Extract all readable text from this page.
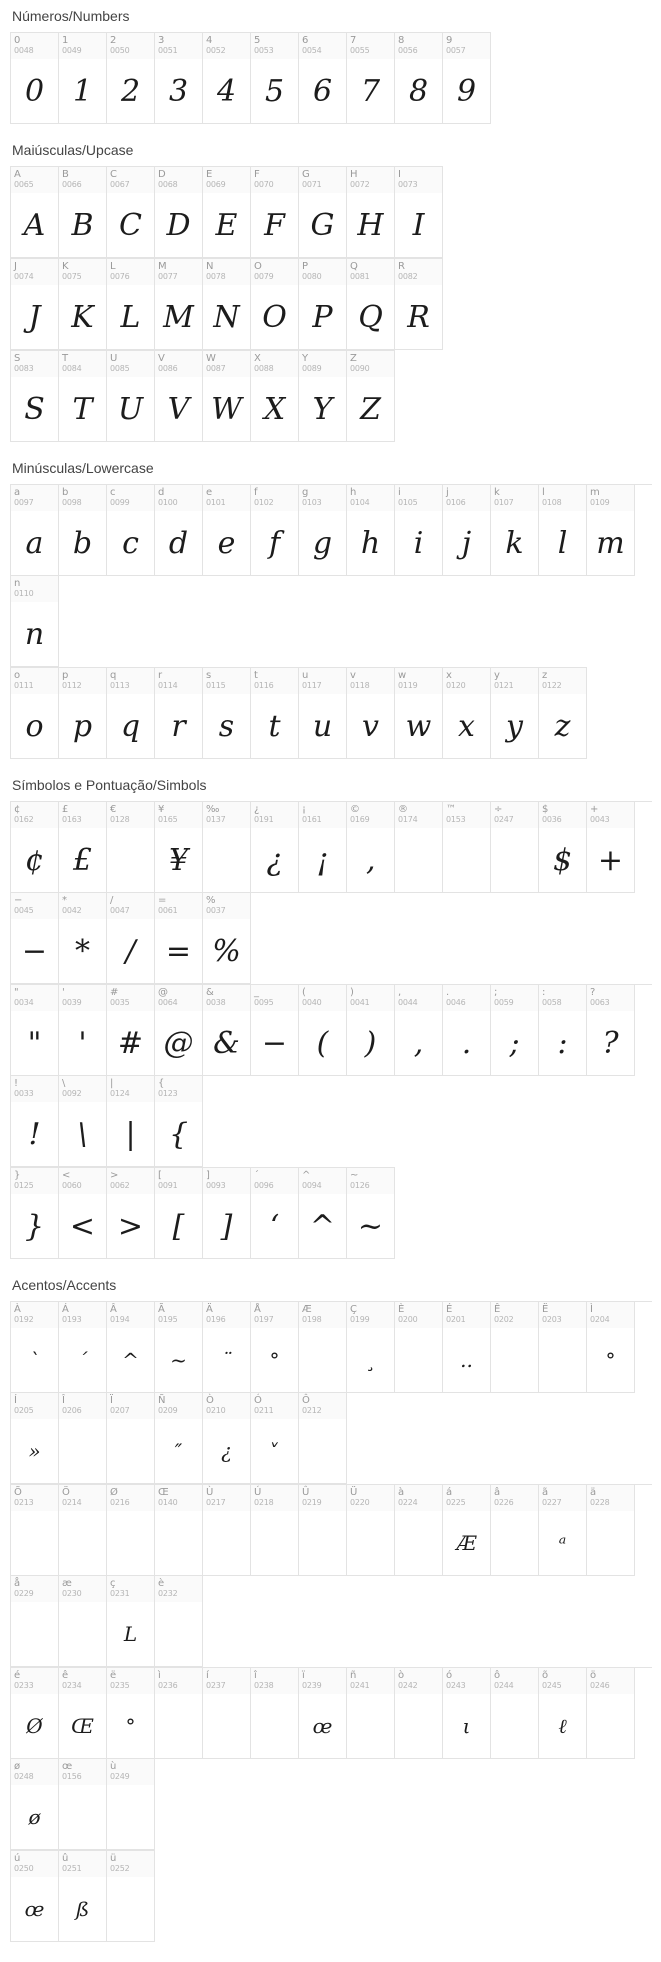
Números/Numbers
0
0048
0
1
0049
1
2
0050
2
3
0051
3
4
0052
4
5
0053
5
6
0054
6
7
0055
7
8
0056
8
9
0057
9
Maiúsculas/Upcase
A
0065
A
B
0066
B
C
0067
C
D
0068
D
E
0069
E
F
0070
F
G
0071
G
H
0072
H
I
0073
I
J
0074
J
K
0075
K
L
0076
L
M
0077
M
N
0078
N
O
0079
O
P
0080
P
Q
0081
Q
R
0082
R
S
0083
S
T
0084
T
U
0085
U
V
0086
V
W
0087
W
X
0088
X
Y
0089
Y
Z
0090
Z
Minúsculas/Lowercase
a
0097
a
b
0098
b
c
0099
c
d
0100
d
e
0101
e
f
0102
f
g
0103
g
h
0104
h
i
0105
i
j
0106
j
k
0107
k
l
0108
l
m
0109
m
n
0110
n
o
0111
o
p
0112
p
q
0113
q
r
0114
r
s
0115
s
t
0116
t
u
0117
u
v
0118
v
w
0119
w
x
0120
x
y
0121
y
z
0122
z
Símbolos e Pontuação/Simbols
¢
0162
¢
£
0163
£
€
0128
¥
0165
¥
‰
0137
¿
0191
¿
¡
0161
¡
©
0169
‚
®
0174
™
0153
÷
0247
$
0036
$
+
0043
+
−
0045
−
*
0042
*
/
0047
/
=
0061
=
%
0037
%
"
0034
"
'
0039
'
#
0035
#
@
0064
@
&
0038
&
_
0095
−
(
0040
(
)
0041
)
,
0044
,
.
0046
.
;
0059
;
:
0058
:
?
0063
?
!
0033
!
\
0092
\
|
0124
|
{
0123
{
}
0125
}
<
0060
<
>
0062
>
[
0091
[
]
0093
]
´
0096
‘
^
0094
^
~
0126
~
Acentos/Accents
À
0192
`
Á
0193
´
Â
0194
^
Ã
0195
~
Ä
0196
¨
Å
0197
°
Æ
0198
Ç
0199
¸
È
0200
É
0201
..
Ê
0202
Ë
0203
Ì
0204
°
Í
0205
»
Î
0206
Ï
0207
Ñ
0209
″
Ò
0210
¿
Ó
0211
˅
Ô
0212
Õ
0213
Ö
0214
Ø
0216
Œ
0140
Ù
0217
Ú
0218
Û
0219
Ü
0220
à
0224
á
0225
Æ
â
0226
ã
0227
ᵃ
ä
0228
å
0229
æ
0230
ç
0231
L
è
0232
é
0233
Ø
ê
0234
Œ
ë
0235
°
ì
0236
í
0237
î
0238
ï
0239
œ
ñ
0241
ò
0242
ó
0243
ι
ô
0244
õ
0245
ℓ
ö
0246
ø
0248
ø
œ
0156
ù
0249
ú
0250
œ
û
0251
ß
ü
0252
